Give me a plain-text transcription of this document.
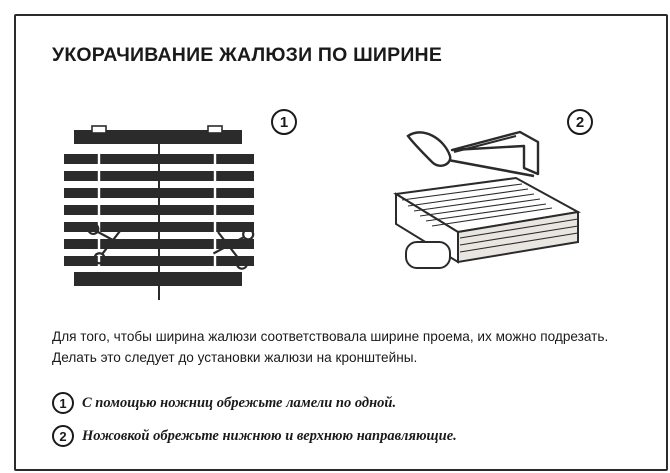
УКОРАЧИВАНИЕ ЖАЛЮЗИ ПО ШИРИНЕ
1	2
Для того, чтобы ширина жалюзи соответствовала ширине проема, их можно подрезать. Делать это следует до установки жалюзи на кронштейны.
1	С помощью ножниц обрежьте ламели по одной.
2	Ножовкой обрежьте нижнюю и верхнюю направляющие.
